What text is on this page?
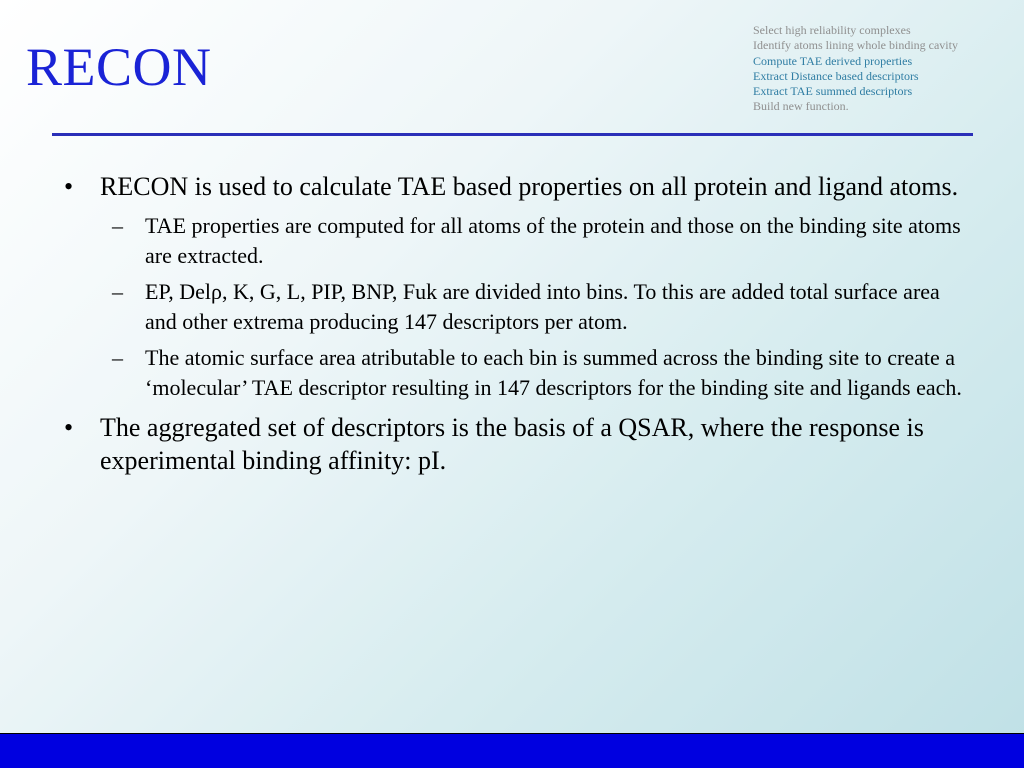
RECON
Select high reliability complexes
Identify atoms lining whole binding cavity
Compute TAE derived properties
Extract Distance based descriptors
Extract TAE summed descriptors
Build new function.
• RECON is used to calculate TAE based properties on all protein and ligand atoms.
– TAE properties are computed for all atoms of the protein and those on the binding site atoms are extracted.
– EP, Delρ, K, G, L, PIP, BNP, Fuk are divided into bins. To this are added total surface area and other extrema producing 147 descriptors per atom.
– The atomic surface area atributable to each bin is summed across the binding site to create a ‘molecular’ TAE descriptor resulting in 147 descriptors for the binding site and ligands each.
• The aggregated set of descriptors is the basis of a QSAR, where the response is experimental binding affinity: pI.
